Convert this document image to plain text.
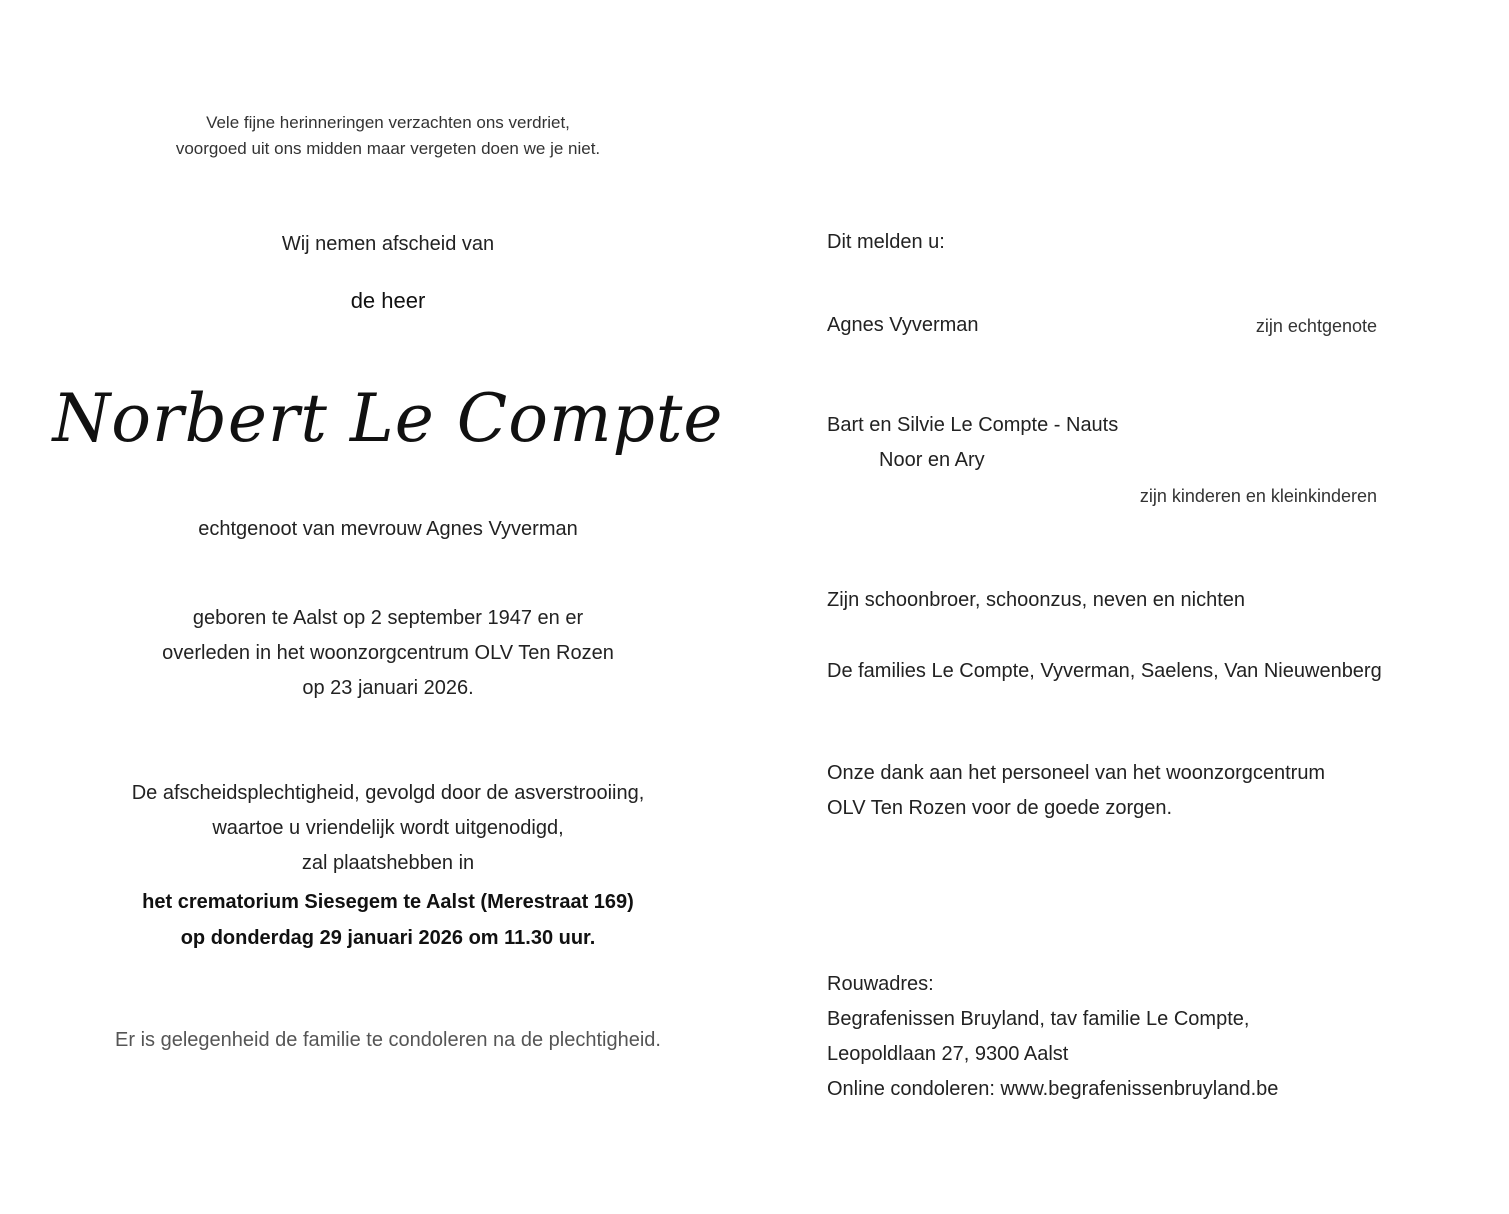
Vele fijne herinneringen verzachten ons verdriet,
voorgoed uit ons midden maar vergeten doen we je niet.
Wij nemen afscheid van
de heer
Norbert Le Compte
echtgenoot van mevrouw Agnes Vyverman
geboren te Aalst op 2 september 1947 en er
overleden in het woonzorgcentrum OLV Ten Rozen
op 23 januari 2026.
De afscheidsplechtigheid, gevolgd door de asverstrooiing,
waartoe u vriendelijk wordt uitgenodigd,
zal plaatshebben in
het crematorium Siesegem te Aalst (Merestraat 169)
op donderdag 29 januari 2026 om 11.30 uur.
Er is gelegenheid de familie te condoleren na de plechtigheid.
Dit melden u:
Agnes Vyverman	zijn echtgenote
Bart en Silvie Le Compte - Nauts
Noor en Ary
zijn kinderen en kleinkinderen
Zijn schoonbroer, schoonzus, neven en nichten
De families Le Compte, Vyverman, Saelens, Van Nieuwenberg
Onze dank aan het personeel van het woonzorgcentrum
OLV Ten Rozen voor de goede zorgen.
Rouwadres:
Begrafenissen Bruyland, tav familie Le Compte,
Leopoldlaan 27, 9300 Aalst
Online condoleren: www.begrafenissenbruyland.be
